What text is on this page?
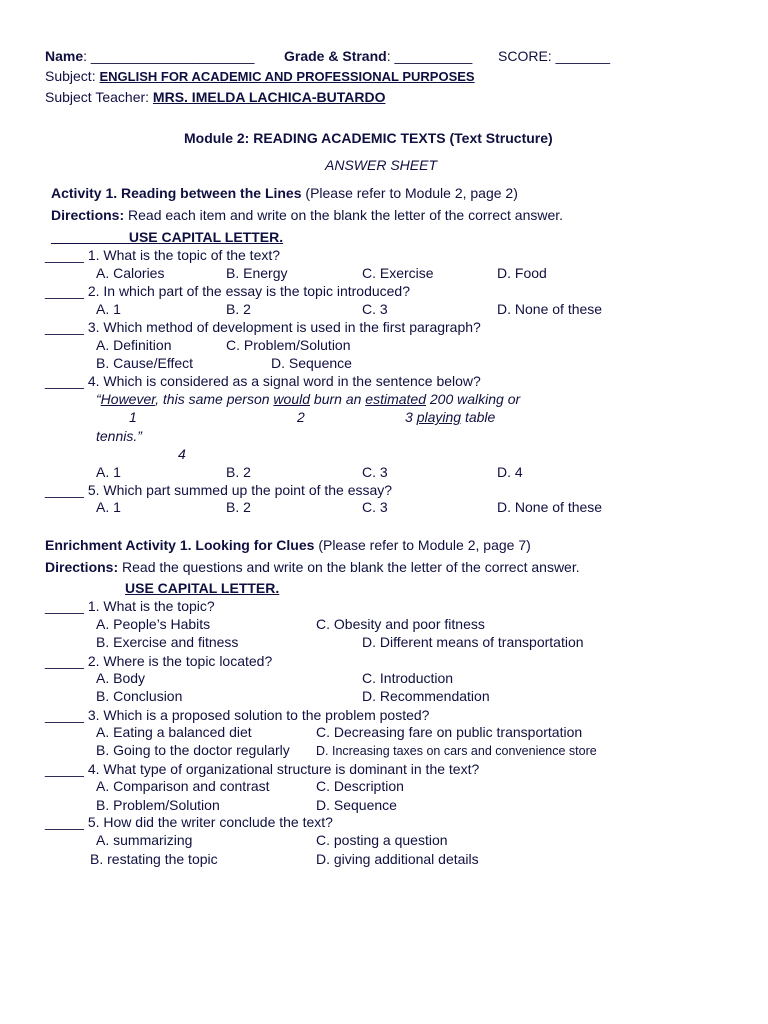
Name: _____________________ Grade & Strand: __________ SCORE: _______
Subject: ENGLISH FOR ACADEMIC AND PROFESSIONAL PURPOSES
Subject Teacher: MRS. IMELDA LACHICA-BUTARDO
Module 2: READING ACADEMIC TEXTS (Text Structure)
ANSWER SHEET
Activity 1. Reading between the Lines (Please refer to Module 2, page 2)
Directions: Read each item and write on the blank the letter of the correct answer.
__________USE CAPITAL LETTER.
_____ 1. What is the topic of the text?
A. Calories	B. Energy	C. Exercise	D. Food
_____ 2. In which part of the essay is the topic introduced?
A. 1	B. 2	C. 3	D. None of these
_____ 3. Which method of development is used in the first paragraph?
A. Definition	C. Problem/Solution
B. Cause/Effect	D. Sequence
_____ 4. Which is considered as a signal word in the sentence below?
“However, this same person would burn an estimated 200 walking or
1	2	3 playing table
tennis.”
4
A. 1	B. 2	C. 3	D. 4
_____ 5. Which part summed up the point of the essay?
A. 1	B. 2	C. 3	D. None of these
Enrichment Activity 1. Looking for Clues (Please refer to Module 2, page 7)
Directions: Read the questions and write on the blank the letter of the correct answer.
USE CAPITAL LETTER.
_____ 1. What is the topic?
A. People’s Habits	C. Obesity and poor fitness
B. Exercise and fitness	D. Different means of transportation
_____ 2. Where is the topic located?
A. Body	C. Introduction
B. Conclusion	D. Recommendation
_____ 3. Which is a proposed solution to the problem posted?
A. Eating a balanced diet	C. Decreasing fare on public transportation
B. Going to the doctor regularly D. Increasing taxes on cars and convenience store
_____ 4. What type of organizational structure is dominant in the text?
A. Comparison and contrast	C. Description
B. Problem/Solution	D. Sequence
_____ 5. How did the writer conclude the text?
A. summarizing	C. posting a question
B. restating the topic	D. giving additional details
